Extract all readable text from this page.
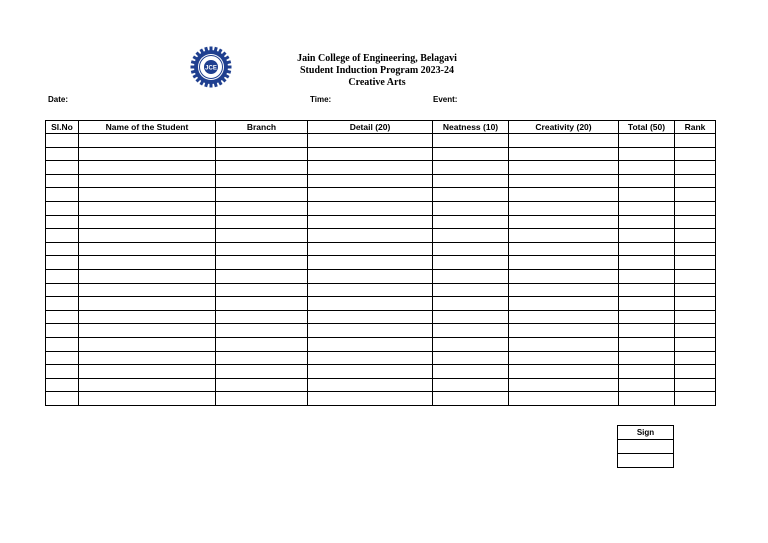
JCE
Jain College of Engineering, Belagavi
Student Induction Program 2023-24
Creative Arts
Date:	Time:	Event:
Sl.No	Name of the Student	Branch	Detail (20)	Neatness (10)	Creativity (20)	Total (50)	Rank

Sign
